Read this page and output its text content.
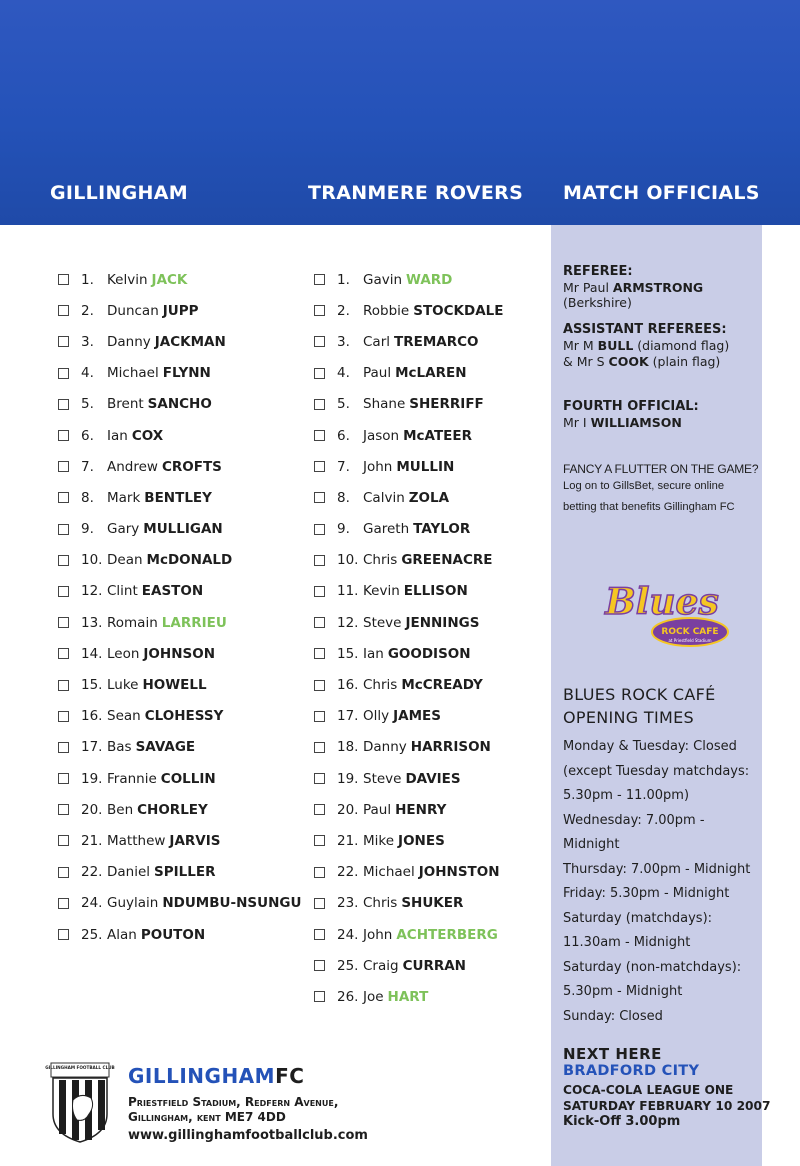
GILLINGHAM	TRANMERE ROVERS MATCH OFFICIALS
1. Kelvin JACK
2. Duncan JUPP
3. Danny JACKMAN
4. Michael FLYNN
5. Brent SANCHO
6. Ian COX
7. Andrew CROFTS
8. Mark BENTLEY
9. Gary MULLIGAN
10. Dean McDONALD
12. Clint EASTON
13. Romain LARRIEU
14. Leon JOHNSON
15. Luke HOWELL
16. Sean CLOHESSY
17. Bas SAVAGE
19. Frannie COLLIN
20. Ben CHORLEY
21. Matthew JARVIS
22. Daniel SPILLER
24. Guylain NDUMBU-NSUNGU
25. Alan POUTON
1. Gavin WARD
2. Robbie STOCKDALE
3. Carl TREMARCO
4. Paul McLAREN
5. Shane SHERRIFF
6. Jason McATEER
7. John MULLIN
8. Calvin ZOLA
9. Gareth TAYLOR
10. Chris GREENACRE
11. Kevin ELLISON
12. Steve JENNINGS
15. Ian GOODISON
16. Chris McCREADY
17. Olly JAMES
18. Danny HARRISON
19. Steve DAVIES
20. Paul HENRY
21. Mike JONES
22. Michael JOHNSTON
23. Chris SHUKER
24. John ACHTERBERG
25. Craig CURRAN
26. Joe HART
REFEREE:
Mr Paul ARMSTRONG (Berkshire)
ASSISTANT REFEREES:
Mr M BULL (diamond flag)
& Mr S COOK (plain flag)
FOURTH OFFICIAL:
Mr I WILLIAMSON
FANCY A FLUTTER ON THE GAME?
Log on to GillsBet, secure online
betting that benefits Gillingham FC
Blues
ROCK CAFE
at Priestfield Stadium
BLUES ROCK CAFÉ
OPENING TIMES
Monday & Tuesday: Closed
(except Tuesday matchdays:
5.30pm - 11.00pm)
Wednesday: 7.00pm - Midnight
Thursday: 7.00pm - Midnight
Friday: 5.30pm - Midnight
Saturday (matchdays):
11.30am - Midnight
Saturday (non-matchdays):
5.30pm - Midnight
Sunday: Closed
NEXT HERE
BRADFORD CITY
COCA-COLA LEAGUE ONE
SATURDAY FEBRUARY 10 2007
Kick-Off 3.00pm
GILLINGHAM FOOTBALL CLUB GILLINGHAMFC
Priestfield Stadium, Redfern Avenue,
Gillingham, kent ME7 4DD
www.gillinghamfootballclub.com
